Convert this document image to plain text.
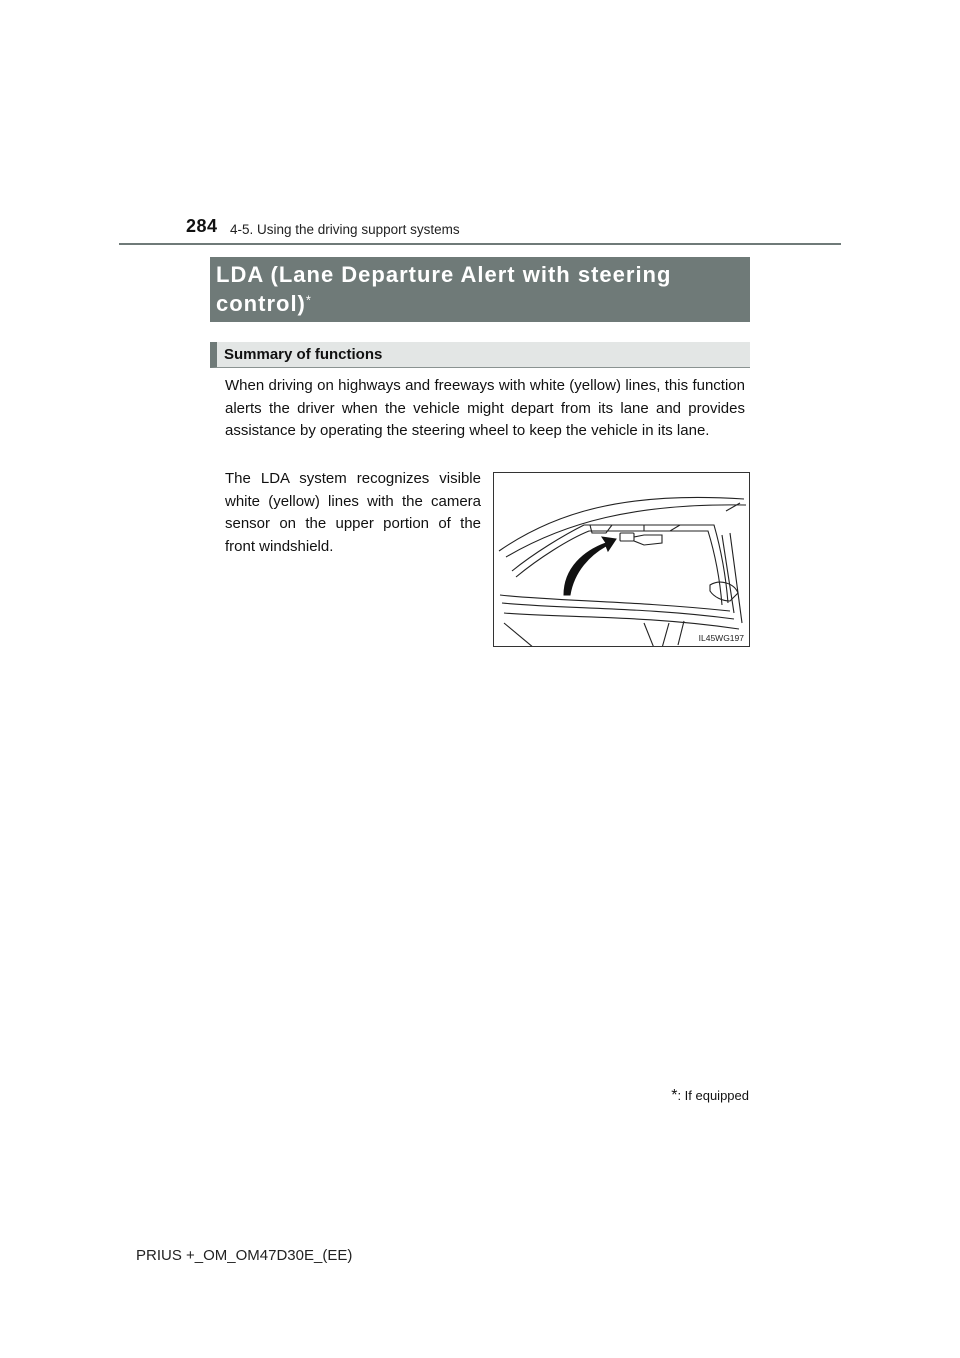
284 4-5. Using the driving support systems
LDA (Lane Departure Alert with steering control)*
Summary of functions

When driving on highways and freeways with white (yellow) lines, this function alerts the driver when the vehicle might depart from its lane and provides assistance by operating the steering wheel to keep the vehicle in its lane.

The LDA system recognizes visible white (yellow) lines with the camera sensor on the upper portion of the front windshield.

IL45WG197
*: If equipped
PRIUS +_OM_OM47D30E_(EE)
